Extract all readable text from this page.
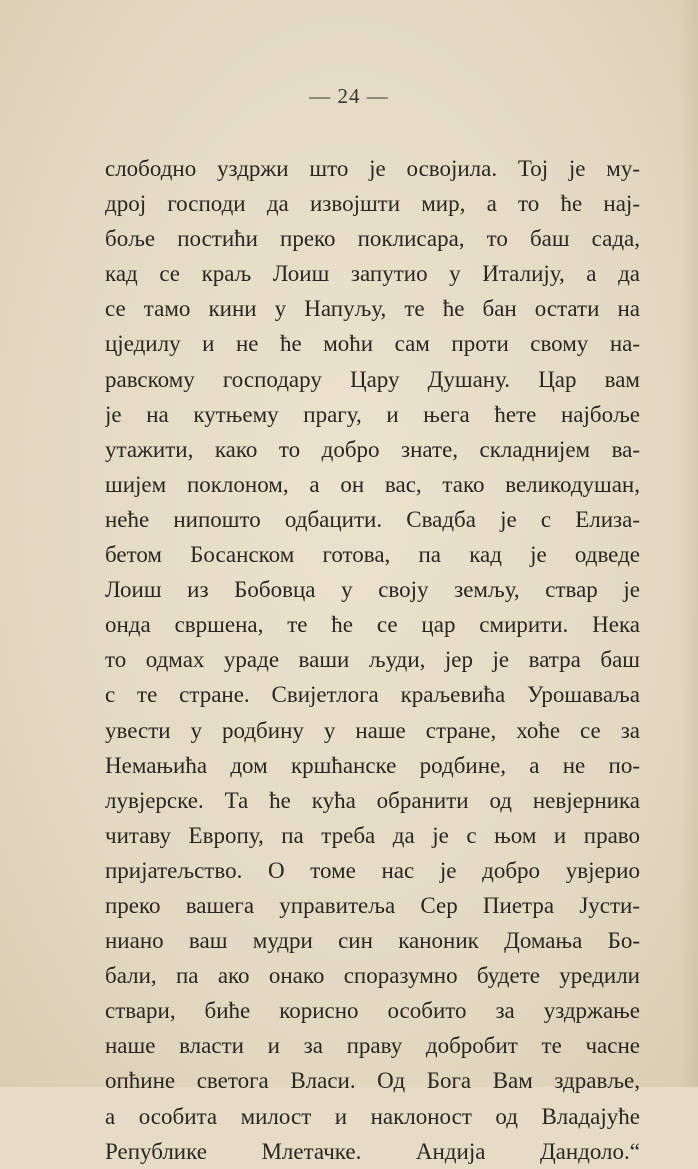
— 24 —
слободно уздржи што је освојила. Тој је му-
дрој господи да извојшти мир, а то ће нај-
боље постићи преко поклисара, то баш сада,
кад се краљ Лоиш запутио у Италију, а да
се тамо кини у Напуљу, те ће бан остати на
цједилу и не ће моћи сам проти свому на-
равскому господару Цару Душану. Цар вам
је на кутњему прагу, и њега ћете најбоље
утажити, како то добро знате, складнијем ва-
шијем поклоном, а он вас, тако великодушан,
неће нипошто одбацити. Свадба је с Елиза-
бетом Босанском готова, па кад је одведе
Лоиш из Бобовца у своју земљу, ствар је
онда свршена, те ће се цар смирити. Нека
то одмах ураде ваши људи, јер је ватра баш
с те стране. Свијетлога краљевића Урошаваља
увести у родбину у наше стране, хоће се за
Немањића дом кршћанске родбине, а не по-
лувјерске. Та ће кућа обранити од невјерника
читаву Европу, па треба да је с њом и право
пријатељство. О томе нас је добро увјерио
преко вашега управитеља Сер Пиетра Јусти-
ниано ваш мудри син каноник Домања Бо-
бали, па ако онако споразумно будете уредили
ствари, биће корисно особито за уздржање
наше власти и за праву добробит те часне
опћине светога Власи. Од Бога Вам здравље,
а особита милост и наклоност од Владајуће
Републике Млетачке. Андија Дандоло.“
